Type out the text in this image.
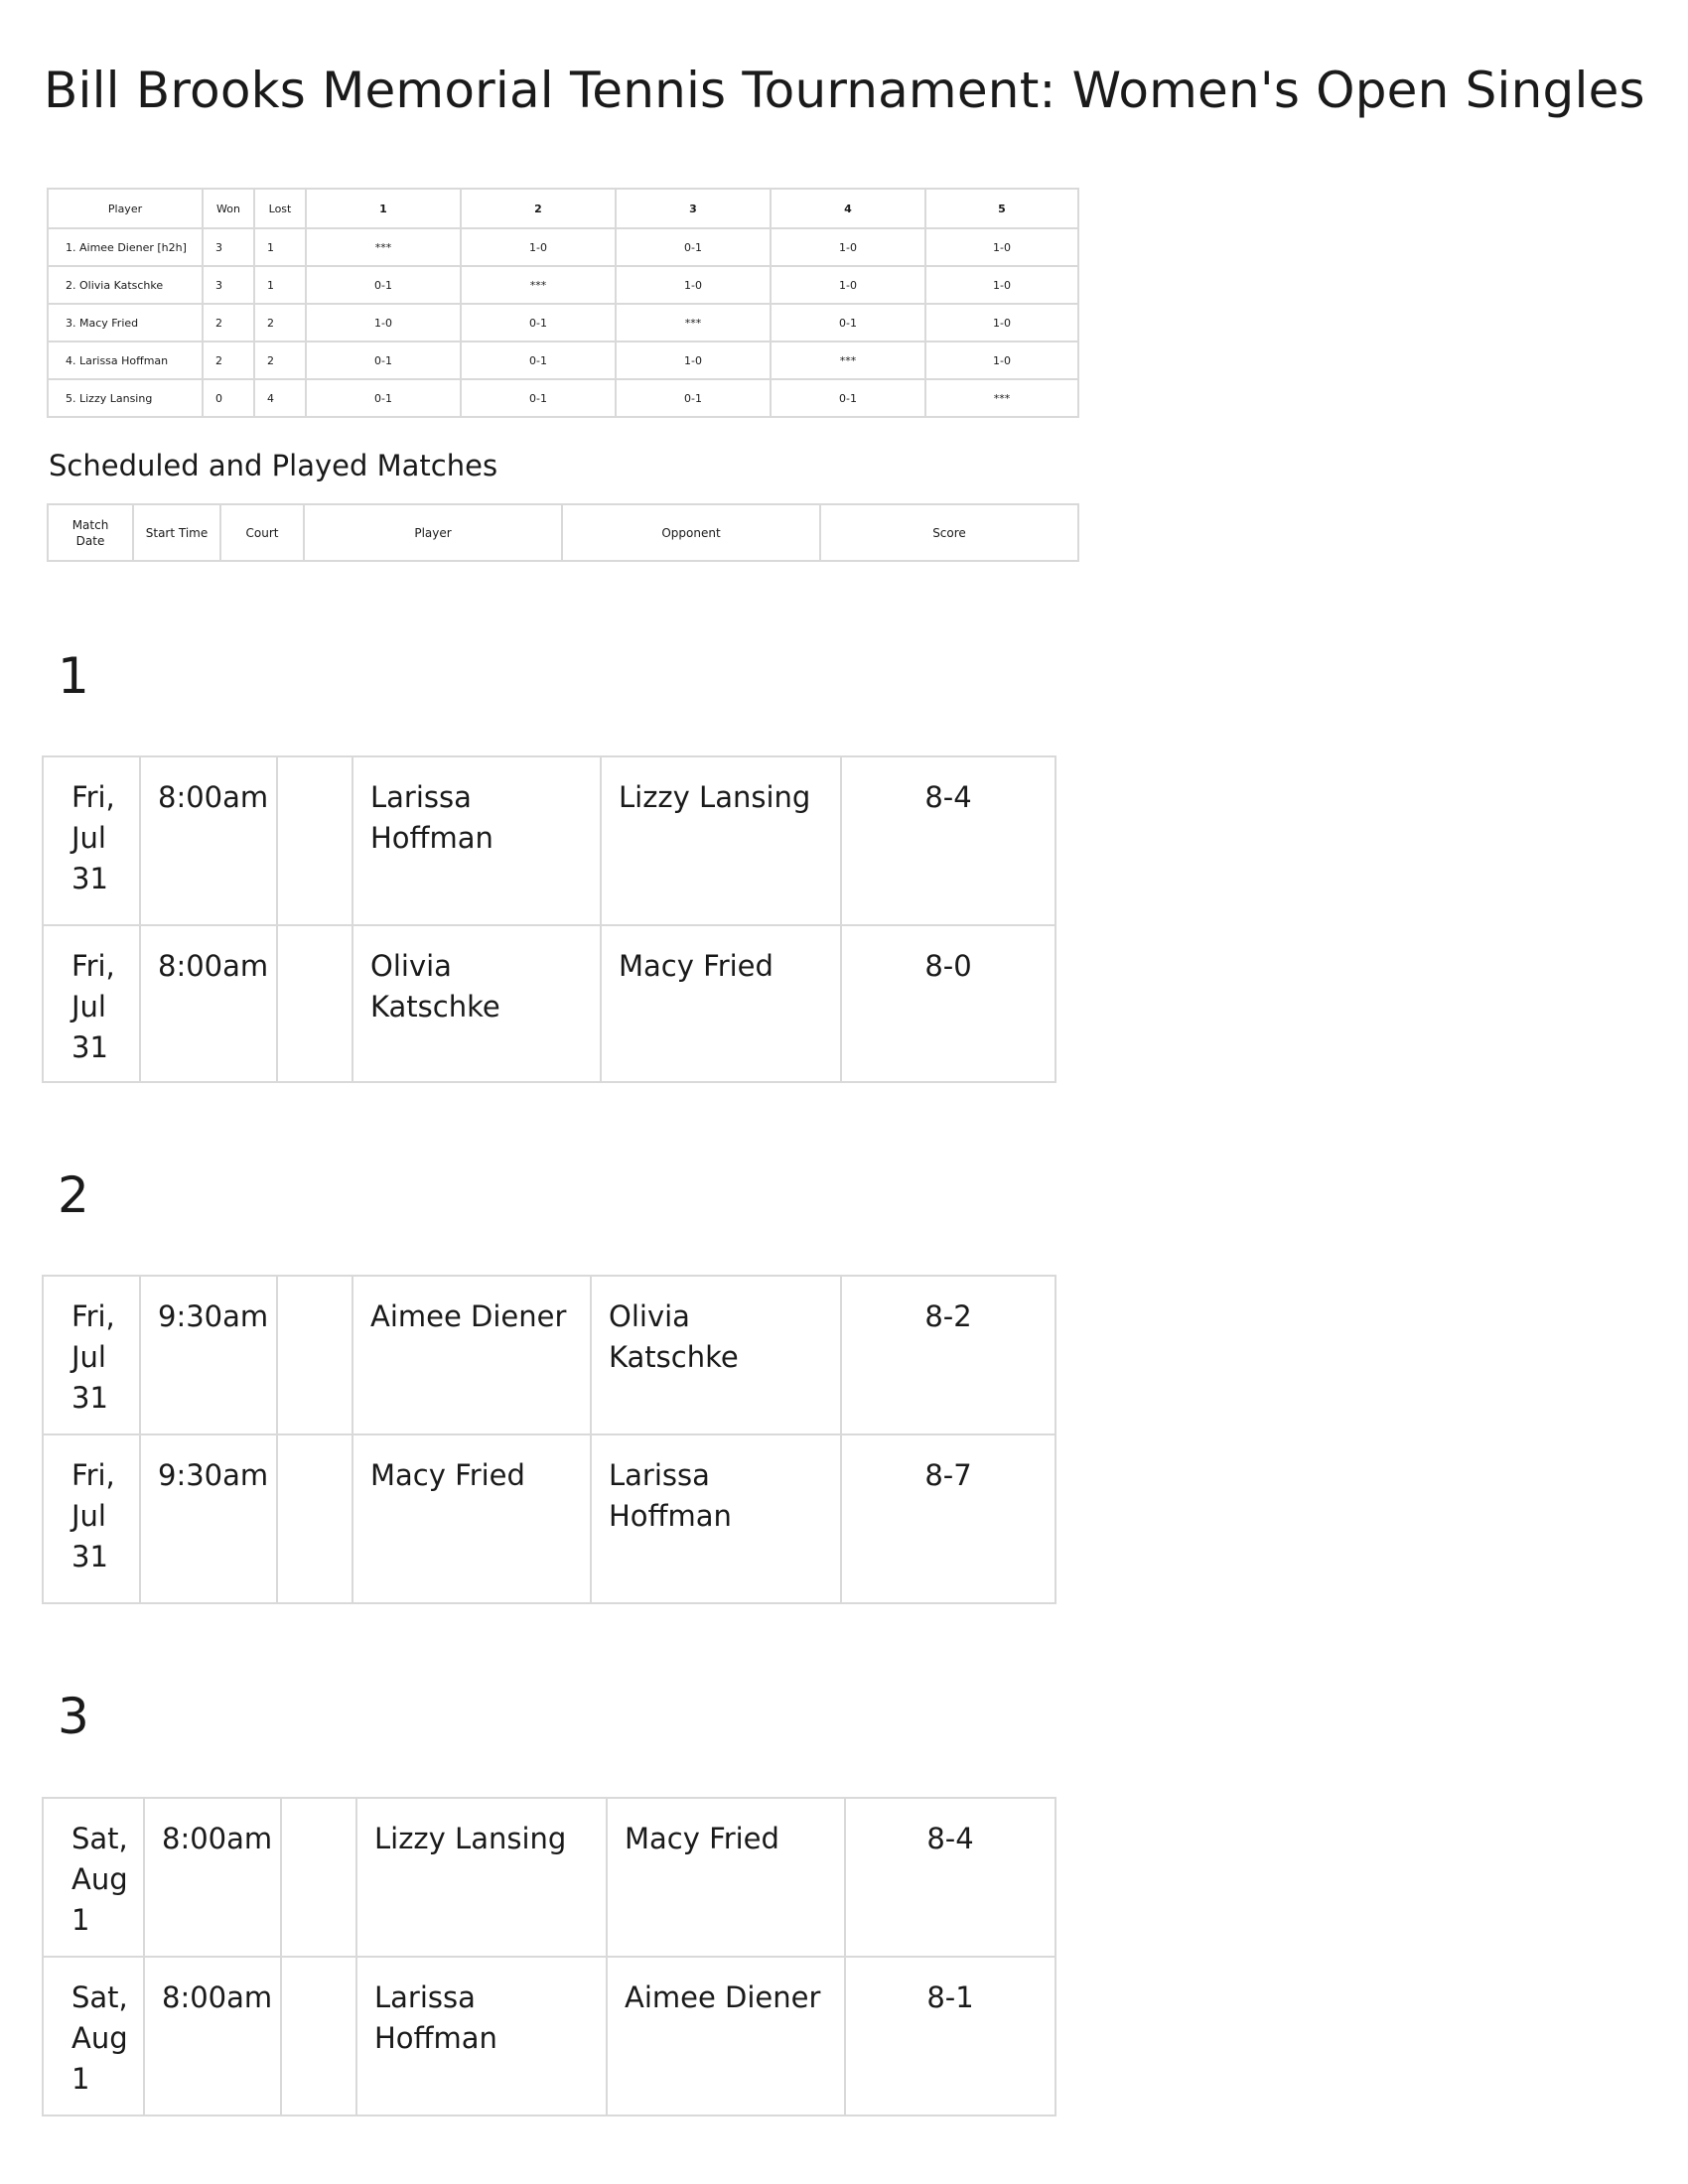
Bill Brooks Memorial Tennis Tournament: Women's Open Singles
Player	Won	Lost	1	2	3	4	5
1. Aimee Diener [h2h]	3	1	***	1-0	0-1	1-0	1-0
2. Olivia Katschke	3	1	0-1	***	1-0	1-0	1-0
3. Macy Fried	2	2	1-0	0-1	***	0-1	1-0
4. Larissa Hoffman	2	2	0-1	0-1	1-0	***	1-0
5. Lizzy Lansing	0	4	0-1	0-1	0-1	0-1	***
Scheduled and Played Matches
Match
Date	Start Time	Court	Player	Opponent	Score
1
Fri,
Jul
31	8:00am		Larissa
Hoffman	Lizzy Lansing	8-4
Fri,
Jul
31	8:00am		Olivia Katschke	Macy Fried	8-0
2
Fri,
Jul
31	9:30am		Aimee Diener	Olivia Katschke	8-2
Fri,
Jul
31	9:30am		Macy Fried	Larissa
Hoffman	8-7
3
Sat,
Aug
1	8:00am		Lizzy Lansing	Macy Fried	8-4
Sat,
Aug
1	8:00am		Larissa
Hoffman	Aimee Diener	8-1
